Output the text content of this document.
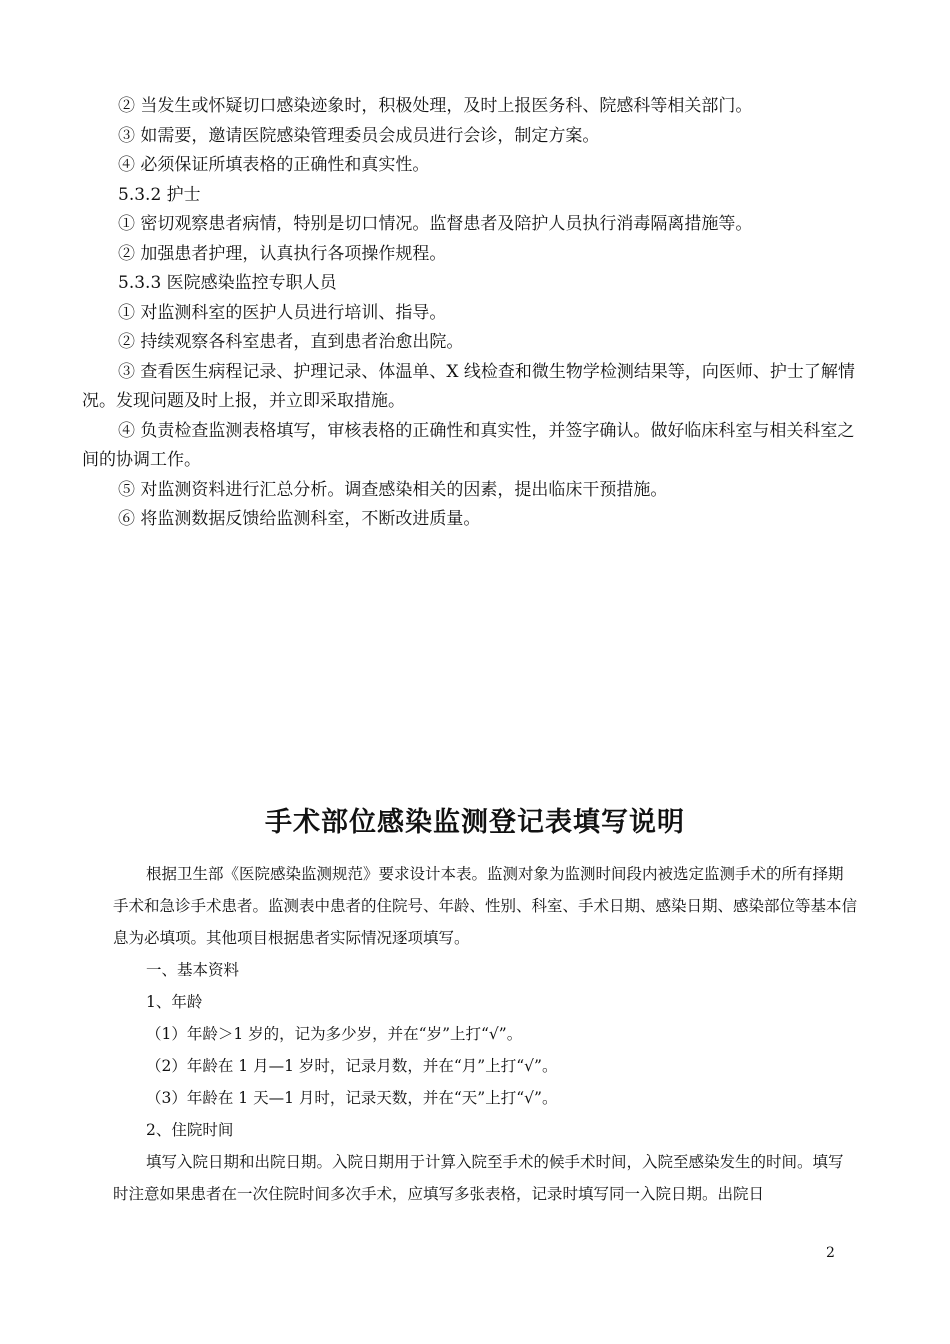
② 当发生或怀疑切口感染迹象时，积极处理，及时上报医务科、院感科等相关部门。

③ 如需要，邀请医院感染管理委员会成员进行会诊，制定方案。

④ 必须保证所填表格的正确性和真实性。

5.3.2 护士

① 密切观察患者病情，特别是切口情况。监督患者及陪护人员执行消毒隔离措施等。

② 加强患者护理，认真执行各项操作规程。

5.3.3 医院感染监控专职人员

① 对监测科室的医护人员进行培训、指导。

② 持续观察各科室患者，直到患者治愈出院。

③ 查看医生病程记录、护理记录、体温单、X 线检查和微生物学检测结果等，向医师、护士了解情况。发现问题及时上报，并立即采取措施。

④ 负责检查监测表格填写，审核表格的正确性和真实性，并签字确认。做好临床科室与相关科室之间的协调工作。

⑤ 对监测资料进行汇总分析。调查感染相关的因素，提出临床干预措施。

⑥ 将监测数据反馈给监测科室，不断改进质量。

手术部位感染监测登记表填写说明

根据卫生部《医院感染监测规范》要求设计本表。监测对象为监测时间段内被选定监测手术的所有择期手术和急诊手术患者。监测表中患者的住院号、年龄、性别、科室、手术日期、感染日期、感染部位等基本信息为必填项。其他项目根据患者实际情况逐项填写。

一、基本资料

1、年龄

（1）年龄＞1 岁的，记为多少岁，并在“岁”上打“√”。

（2）年龄在 1 月—1 岁时，记录月数，并在“月”上打“√”。

（3）年龄在 1 天—1 月时，记录天数，并在“天”上打“√”。

2、住院时间

填写入院日期和出院日期。入院日期用于计算入院至手术的候手术时间，入院至感染发生的时间。填写时注意如果患者在一次住院时间多次手术，应填写多张表格，记录时填写同一入院日期。出院日

2
